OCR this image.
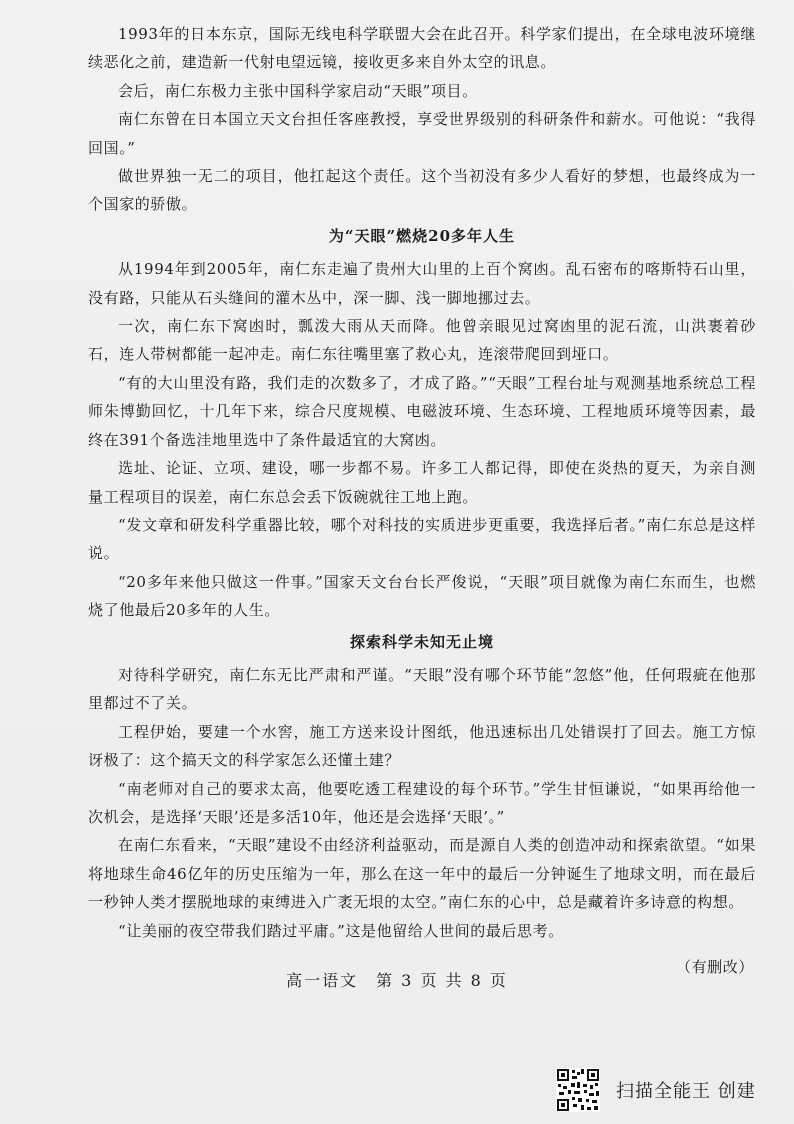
1993年的日本东京，国际无线电科学联盟大会在此召开。科学家们提出，在全球电波环境继续恶化之前，建造新一代射电望远镜，接收更多来自外太空的讯息。

会后，南仁东极力主张中国科学家启动“天眼”项目。

南仁东曾在日本国立天文台担任客座教授，享受世界级别的科研条件和薪水。可他说：“我得回国。”

做世界独一无二的项目，他扛起这个责任。这个当初没有多少人看好的梦想，也最终成为一个国家的骄傲。

为“天眼”燃烧20多年人生

从1994年到2005年，南仁东走遍了贵州大山里的上百个窝凼。乱石密布的喀斯特石山里，没有路，只能从石头缝间的灌木丛中，深一脚、浅一脚地挪过去。

一次，南仁东下窝凼时，瓢泼大雨从天而降。他曾亲眼见过窝凼里的泥石流，山洪裹着砂石，连人带树都能一起冲走。南仁东往嘴里塞了救心丸，连滚带爬回到垭口。

“有的大山里没有路，我们走的次数多了，才成了路。”“天眼”工程台址与观测基地系统总工程师朱博勤回忆，十几年下来，综合尺度规模、电磁波环境、生态环境、工程地质环境等因素，最终在391个备选洼地里选中了条件最适宜的大窝凼。

选址、论证、立项、建设，哪一步都不易。许多工人都记得，即使在炎热的夏天，为亲自测量工程项目的误差，南仁东总会丢下饭碗就往工地上跑。

“发文章和研发科学重器比较，哪个对科技的实质进步更重要，我选择后者。”南仁东总是这样说。

“20多年来他只做这一件事。”国家天文台台长严俊说，“天眼”项目就像为南仁东而生，也燃烧了他最后20多年的人生。

探索科学未知无止境

对待科学研究，南仁东无比严肃和严谨。“天眼”没有哪个环节能“忽悠”他，任何瑕疵在他那里都过不了关。

工程伊始，要建一个水窖，施工方送来设计图纸，他迅速标出几处错误打了回去。施工方惊讶极了：这个搞天文的科学家怎么还懂土建？

“南老师对自己的要求太高，他要吃透工程建设的每个环节。”学生甘恒谦说，“如果再给他一次机会，是选择‘天眼’还是多活10年，他还是会选择‘天眼’。”

在南仁东看来，“天眼”建设不由经济利益驱动，而是源自人类的创造冲动和探索欲望。“如果将地球生命46亿年的历史压缩为一年，那么在这一年中的最后一分钟诞生了地球文明，而在最后一秒钟人类才摆脱地球的束缚进入广袤无垠的太空。”南仁东的心中，总是藏着许多诗意的构想。

“让美丽的夜空带我们踏过平庸。”这是他留给人世间的最后思考。

（有删改）

高一语文　第 3 页 共 8 页
扫描全能王 创建
